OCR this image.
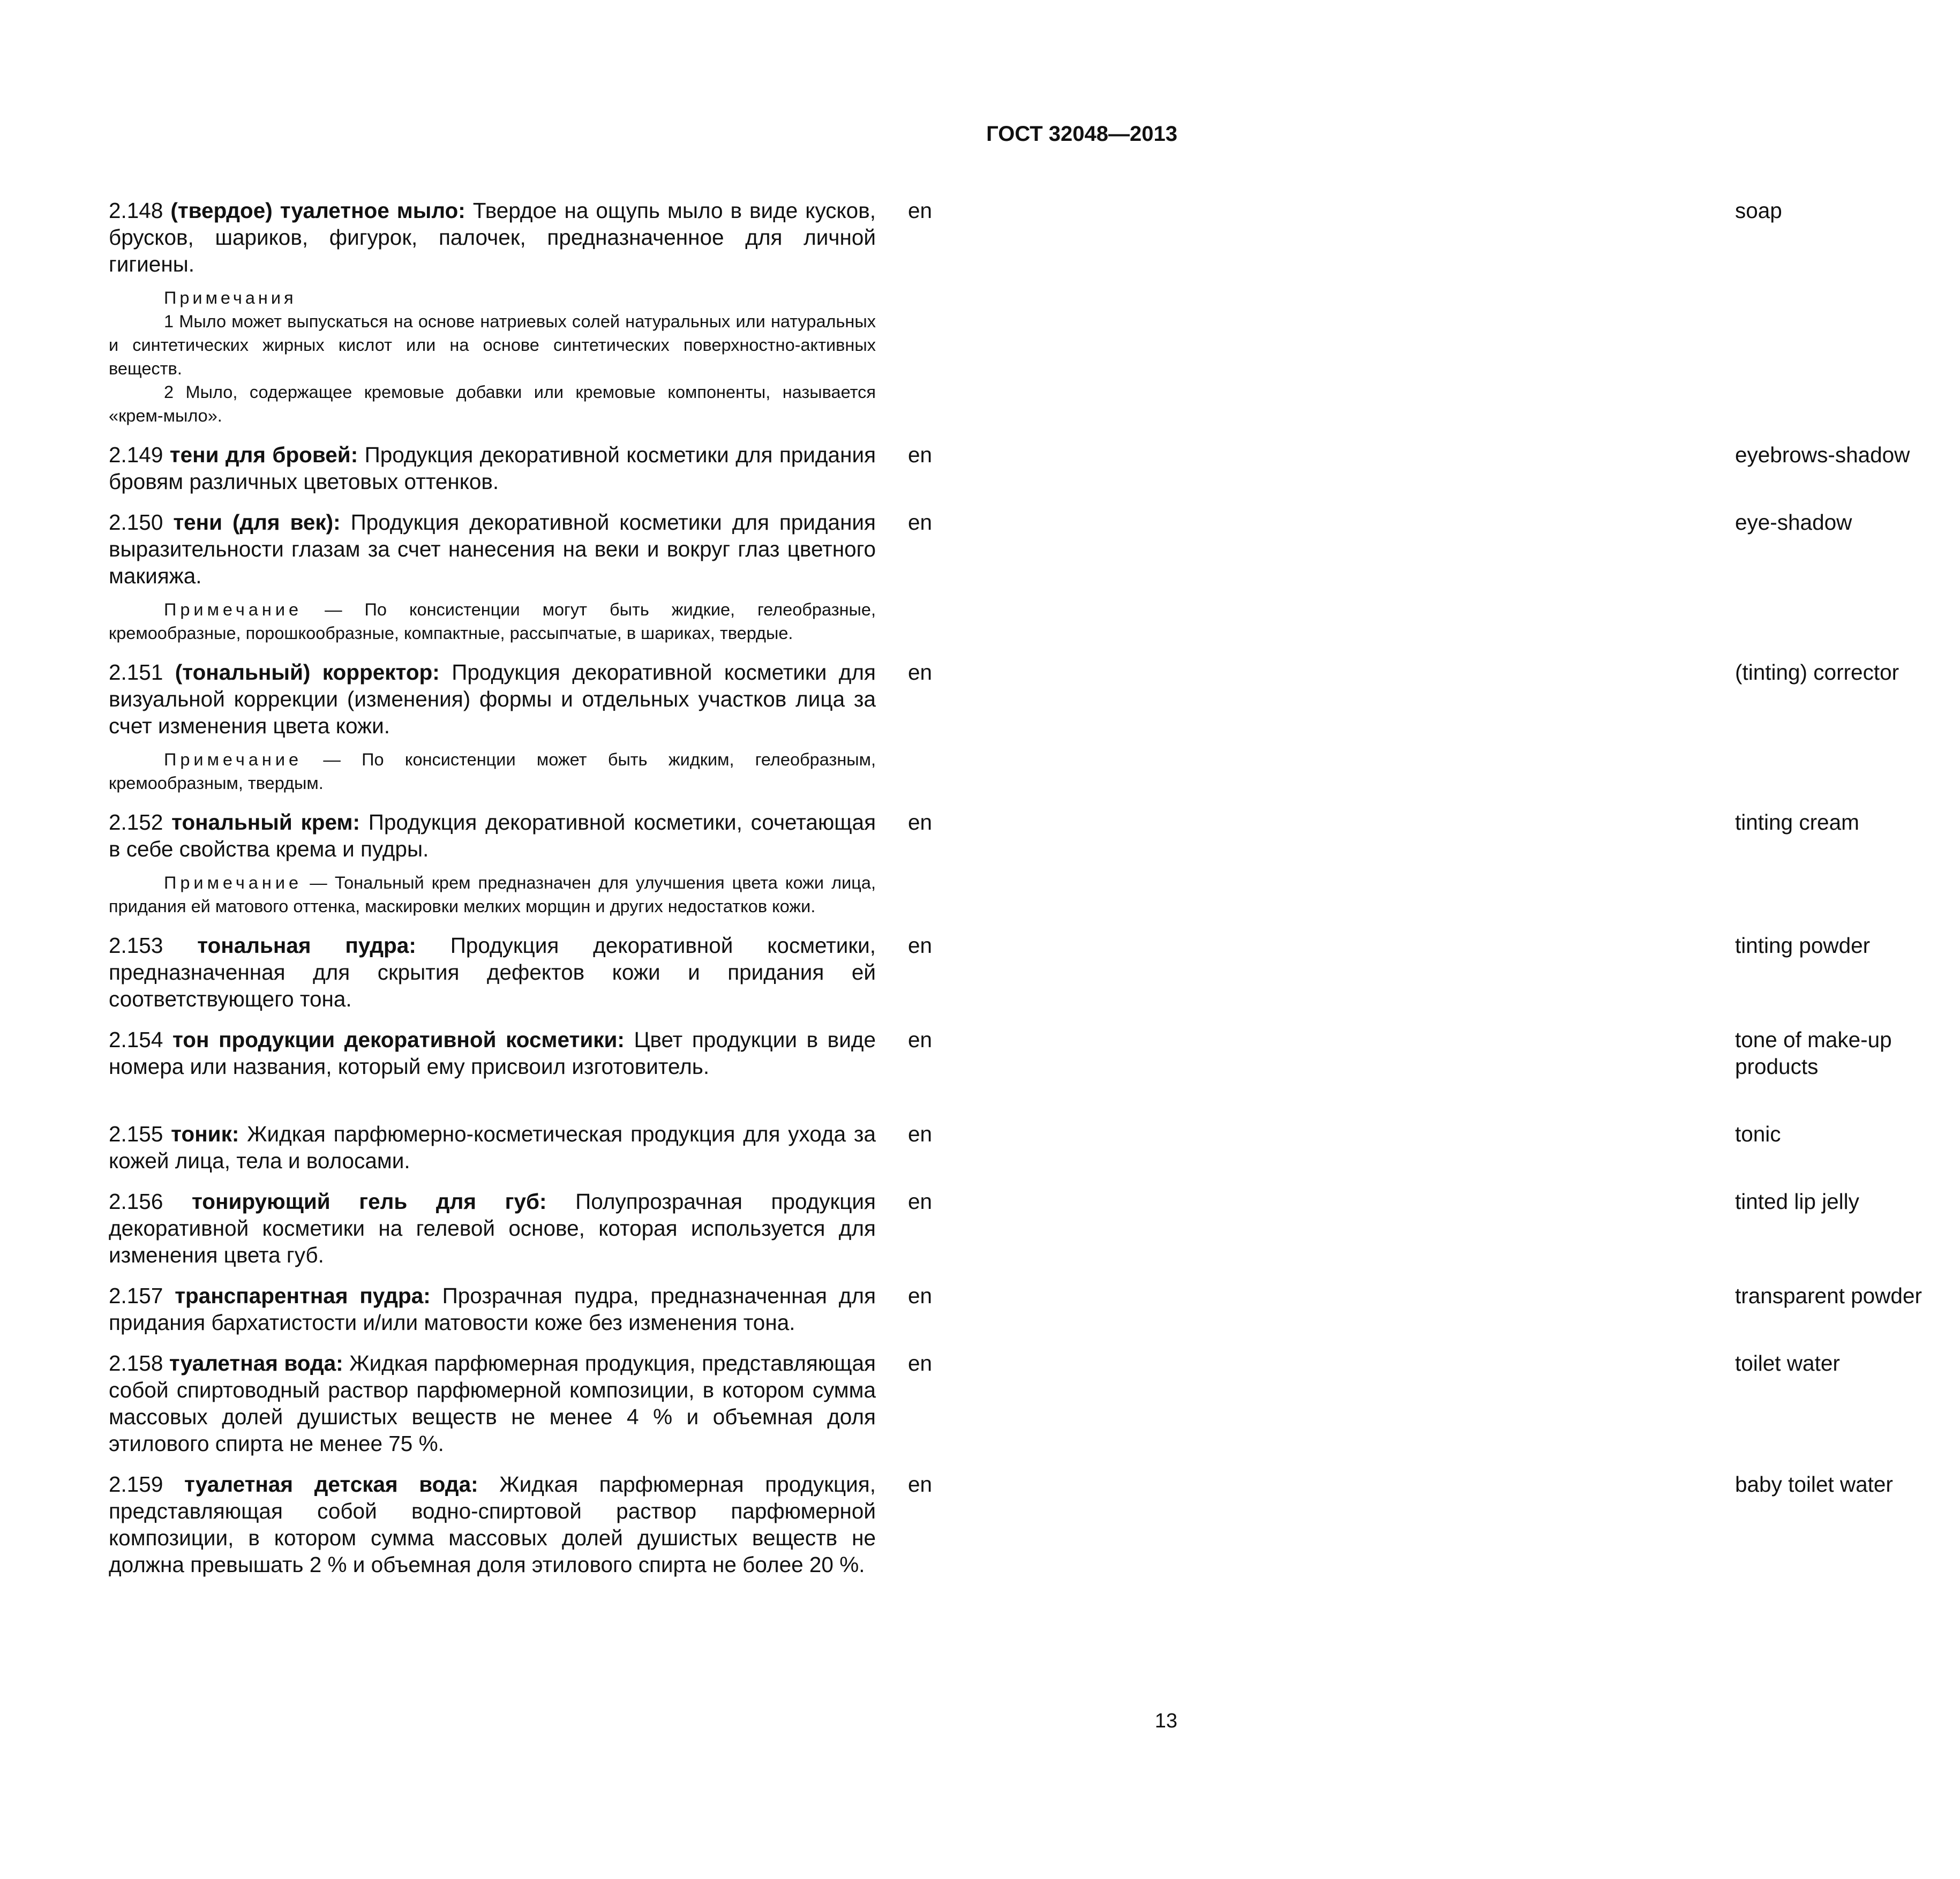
ГОСТ 32048—2013
2.148 (твердое) туалетное мыло: Твердое на ощупь мыло в виде кусков, брусков, шариков, фигурок, палочек, предназначенное для личной гигиены.
en	soap
Примечания
1 Мыло может выпускаться на основе натриевых солей натуральных или натуральных и синтетических жирных кислот или на основе синтетических поверхностно-активных веществ.
2 Мыло, содержащее кремовые добавки или кремовые компоненты, называется «крем-мыло».
2.149 тени для бровей: Продукция декоративной косметики для придания бровям различных цветовых оттенков.
en	eyebrows-shadow
2.150 тени (для век): Продукция декоративной косметики для придания выразительности глазам за счет нанесения на веки и вокруг глаз цветного макияжа.
en	eye-shadow
Примечание — По консистенции могут быть жидкие, гелеобразные, кремообразные, порошкообразные, компактные, рассыпчатые, в шариках, твердые.
2.151 (тональный) корректор: Продукция декоративной косметики для визуальной коррекции (изменения) формы и отдельных участков лица за счет изменения цвета кожи.
en	(tinting) corrector
Примечание — По консистенции может быть жидким, гелеобразным, кремообразным, твердым.
2.152 тональный крем: Продукция декоративной косметики, сочетающая в себе свойства крема и пудры.
en	tinting cream
Примечание — Тональный крем предназначен для улучшения цвета кожи лица, придания ей матового оттенка, маскировки мелких морщин и других недостатков кожи.
2.153 тональная пудра: Продукция декоративной косметики, предназначенная для скрытия дефектов кожи и придания ей соответствующего тона.
en	tinting powder
2.154 тон продукции декоративной косметики: Цвет продукции в виде номера или названия, который ему присвоил изготовитель.
en	tone of make-up products
2.155 тоник: Жидкая парфюмерно-косметическая продукция для ухода за кожей лица, тела и волосами.
en	tonic
2.156 тонирующий гель для губ: Полупрозрачная продукция декоративной косметики на гелевой основе, которая используется для изменения цвета губ.
en	tinted lip jelly
2.157 транспарентная пудра: Прозрачная пудра, предназначенная для придания бархатистости и/или матовости коже без изменения тона.
en	transparent powder
2.158 туалетная вода: Жидкая парфюмерная продукция, представляющая собой спиртоводный раствор парфюмерной композиции, в котором сумма массовых долей душистых веществ не менее 4 % и объемная доля этилового спирта не менее 75 %.
en	toilet water
2.159 туалетная детская вода: Жидкая парфюмерная продукция, представляющая собой водно-спиртовой раствор парфюмерной композиции, в котором сумма массовых долей душистых веществ не должна превышать 2 % и объемная доля этилового спирта не более 20 %.
en	baby toilet water
13
